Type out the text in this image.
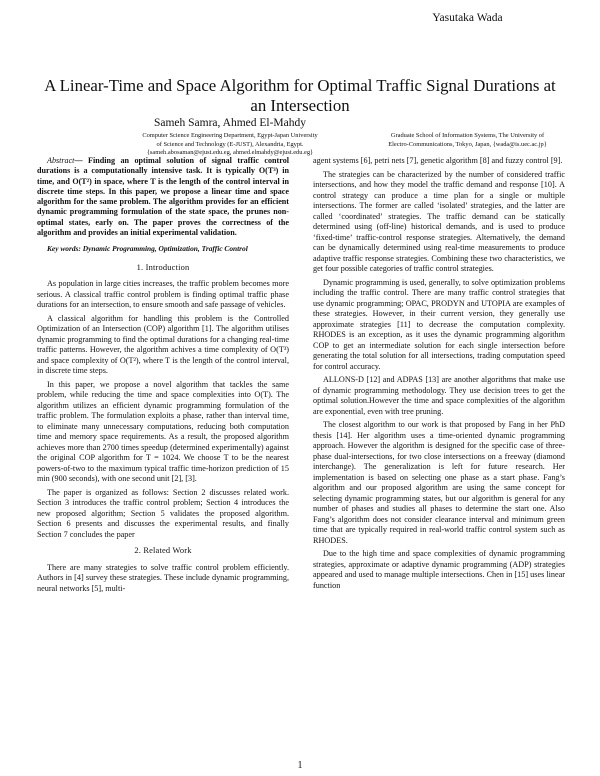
Yasutaka Wada
A Linear-Time and Space Algorithm for Optimal Traffic Signal Durations at an Intersection
Sameh Samra, Ahmed El-Mahdy
Computer Science Engineering Department, Egypt-Japan University
of Science and Technology (E-JUST), Alexandria, Egypt.
{sameh.abosaman@ejust.edu.eg, ahmed.elmahdy@ejust.edu.eg}
Graduate School of Information Systems, The University of
Electro-Communications, Tokyo, Japan, {wada@is.uec.ac.jp}

Abstract— Finding an optimal solution of signal traffic control durations is a computationally intensive task. It is typically O(T³) in time, and O(T²) in space, where T is the length of the control interval in discrete time steps. In this paper, we propose a linear time and space algorithm for the same problem. The algorithm provides for an efficient dynamic programming formulation of the state space, the prunes non-optimal states, early on. The paper proves the correctness of the algorithm and provides an initial experimental validation.

Key words: Dynamic Programming, Optimization, Traffic Control

1. Introduction

As population in large cities increases, the traffic problem becomes more serious. A classical traffic control problem is finding optimal traffic phase durations for an intersection, to ensure smooth and safe passage of vehicles.

A classical algorithm for handling this problem is the Controlled Optimization of an Intersection (COP) algorithm [1]. The algorithm utilises dynamic programming to find the optimal durations for a changing real-time traffic patterns. However, the algorithm achives a time complexity of O(T³) and space complexity of O(T²), where T is the length of the control interval, in discrete time steps.

In this paper, we propose a novel algorithm that tackles the same problem, while reducing the time and space complexities into O(T). The algorithm utilizes an efficient dynamic programming formulation of the traffic problem. The formulation exploits a phase, rather than interval time, to eliminate many unnecessary computations, reducing both computation time and memory space requirements. As a result, the proposed algorithm achieves more than 2700 times speedup (determined experimentally) against the original COP algorithm for T = 1024. We choose T to be the nearest powers-of-two to the maximum typical traffic time-horizon prediction of 15 min (900 seconds), with one second unit [2], [3].

The paper is organized as follows: Section 2 discusses related work. Section 3 introduces the traffic control problem; Section 4 introduces the new proposed algorithm; Section 5 validates the proposed algorithm. Section 6 presents and discusses the experimental results, and finally Section 7 concludes the paper

2. Related Work

There are many strategies to solve traffic control problem efficiently. Authors in [4] survey these strategies. These include dynamic programming, neural networks [5], multi-

agent systems [6], petri nets [7], genetic algorithm [8] and fuzzy control [9].

The strategies can be characterized by the number of considered traffic intersections, and how they model the traffic demand and response [10]. A control strategy can produce a time plan for a single or multiple intersections. The former are called ‘isolated’ strategies, and the latter are called ‘coordinated’ strategies. The traffic demand can be statically determined using (off-line) historical demands, and is used to produce ‘fixed-time’ traffic-control response strategies. Alternatively, the demand can be dynamically determined using real-time measurements to produce adaptive traffic response strategies. Combining these two characteristics, we get four possible categories of traffic control strategies.

Dynamic programming is used, generally, to solve optimization problems including the traffic control. There are many traffic control strategies that use dynamic programming; OPAC, PRODYN and UTOPIA are examples of these strategies. However, in their current version, they generally use approximate strategies [11] to decrease the computation complexity. RHODES is an exception, as it uses the dynamic programming algorithm COP to get an intermediate solution for each single intersection before generating the total solution for all intersections, trading computation speed for control accuracy.

ALLONS-D [12] and ADPAS [13] are another algorithms that make use of dynamic programming methodology. They use decision trees to get the optimal solution.However the time and space complexities of the algorithm are exponential, even with tree pruning.

The closest algorithm to our work is that proposed by Fang in her PhD thesis [14]. Her algorithm uses a time-oriented dynamic programming approach. However the algorithm is designed for the specific case of three-phase dual-intersections, for two close intersections on a freeway (diamond interchange). The generalization is left for future research. Her implementation is based on selecting one phase as a start phase. Fang’s algorithm and our proposed algorithm are using the same concept for selecting dynamic programming states, but our algorithm is general for any number of phases and studies all phases to determine the start one. Also Fang’s algorithm does not consider clearance interval and minimum green time that are typically required in real-world traffic control system such as RHODES.

Due to the high time and space complexities of dynamic programming strategies, approximate or adaptive dynamic programming (ADP) strategies appeared and used to manage multiple intersections. Chen in [15] uses linear function

1
